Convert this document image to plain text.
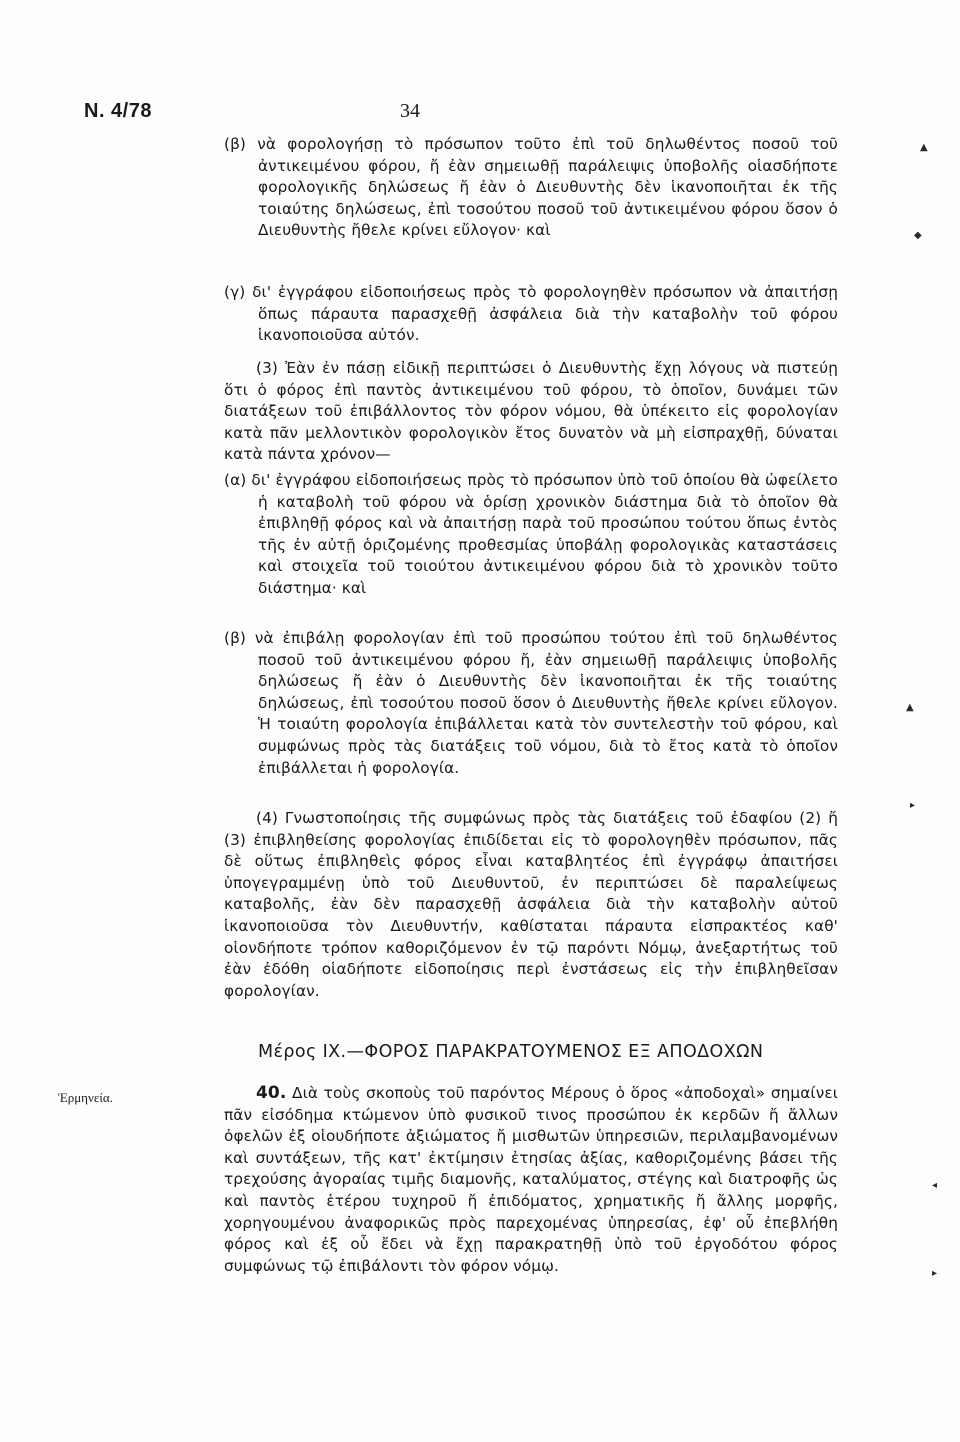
Ν. 4/78	34

(β) νὰ φορολογήσῃ τὸ πρόσωπον τοῦτο ἐπὶ τοῦ δηλωθέντος ποσοῦ τοῦ ἀντικειμένου φόρου, ἤ ἐὰν σημειωθῇ παράλειψις ὑποβολῆς οἱασδήποτε φορολογικῆς δηλώσεως ἤ ἐὰν ὁ Διευθυντὴς δὲν ἱκανοποιῆται ἐκ τῆς τοιαύτης δηλώσεως, ἐπὶ τοσούτου ποσοῦ τοῦ ἀντικειμένου φόρου ὅσον ὁ Διευθυντὴς ἤθελε κρίνει εὔλογον· καὶ

(γ) δι' ἐγγράφου εἰδοποιήσεως πρὸς τὸ φορολογηθὲν πρόσωπον νὰ ἀπαιτήσῃ ὅπως πάραυτα παρασχεθῇ ἀσφάλεια διὰ τὴν καταβολὴν τοῦ φόρου ἱκανοποιοῦσα αὐτόν.

(3) Ἐὰν ἐν πάσῃ εἰδικῇ περιπτώσει ὁ Διευθυντὴς ἔχῃ λόγους νὰ πιστεύῃ ὅτι ὁ φόρος ἐπὶ παντὸς ἀντικειμένου τοῦ φόρου, τὸ ὁποῖον, δυνάμει τῶν διατάξεων τοῦ ἐπιβάλλοντος τὸν φόρον νόμου, θὰ ὑπέκειτο εἰς φορολογίαν κατὰ πᾶν μελλοντικὸν φορολογικὸν ἔτος δυνατὸν νὰ μὴ εἰσπραχθῇ, δύναται κατὰ πάντα χρόνον—

(α) δι' ἐγγράφου εἰδοποιήσεως πρὸς τὸ πρόσωπον ὑπὸ τοῦ ὁποίου θὰ ὠφείλετο ἡ καταβολὴ τοῦ φόρου νὰ ὁρίσῃ χρονικὸν διάστημα διὰ τὸ ὁποῖον θὰ ἐπιβληθῇ φόρος καὶ νὰ ἀπαιτήσῃ παρὰ τοῦ προσώπου τούτου ὅπως ἐντὸς τῆς ἐν αὐτῇ ὁριζομένης προθεσμίας ὑποβάλῃ φορολογικὰς καταστάσεις καὶ στοιχεῖα τοῦ τοιούτου ἀντικειμένου φόρου διὰ τὸ χρονικὸν τοῦτο διάστημα· καὶ

(β) νὰ ἐπιβάλῃ φορολογίαν ἐπὶ τοῦ προσώπου τούτου ἐπὶ τοῦ δηλωθέντος ποσοῦ τοῦ ἀντικειμένου φόρου ἤ, ἐὰν σημειωθῇ παράλειψις ὑποβολῆς δηλώσεως ἤ ἐὰν ὁ Διευθυντὴς δὲν ἱκανοποιῆται ἐκ τῆς τοιαύτης δηλώσεως, ἐπὶ τοσούτου ποσοῦ ὅσον ὁ Διευθυντὴς ἤθελε κρίνει εὔλογον. Ἡ τοιαύτη φορολογία ἐπιβάλλεται κατὰ τὸν συντελεστὴν τοῦ φόρου, καὶ συμφώνως πρὸς τὰς διατάξεις τοῦ νόμου, διὰ τὸ ἔτος κατὰ τὸ ὁποῖον ἐπιβάλλεται ἡ φορολογία.

(4) Γνωστοποίησις τῆς συμφώνως πρὸς τὰς διατάξεις τοῦ ἐδαφίου (2) ἤ (3) ἐπιβληθείσης φορολογίας ἐπιδίδεται εἰς τὸ φορολογηθὲν πρόσωπον, πᾶς δὲ οὕτως ἐπιβληθεὶς φόρος εἶναι καταβλητέος ἐπὶ ἐγγράφῳ ἀπαιτήσει ὑπογεγραμμένῃ ὑπὸ τοῦ Διευθυντοῦ, ἐν περιπτώσει δὲ παραλείψεως καταβολῆς, ἐὰν δὲν παρασχεθῇ ἀσφάλεια διὰ τὴν καταβολὴν αὐτοῦ ἱκανοποιοῦσα τὸν Διευθυντήν, καθίσταται πάραυτα εἰσπρακτέος καθ' οἱονδήποτε τρόπον καθοριζόμενον ἐν τῷ παρόντι Νόμῳ, ἀνεξαρτήτως τοῦ ἐὰν ἐδόθη οἱαδήποτε εἰδοποίησις περὶ ἐνστάσεως εἰς τὴν ἐπιβληθεῖσαν φορολογίαν.

Μέρος IX.—ΦΟΡΟΣ ΠΑΡΑΚΡΑΤΟΥΜΕΝΟΣ ΕΞ ΑΠΟΔΟΧΩΝ
Ἑρμηνεία.	40. Διὰ τοὺς σκοποὺς τοῦ παρόντος Μέρους ὁ ὅρος «ἀποδοχαὶ» σημαίνει πᾶν εἰσόδημα κτώμενον ὑπὸ φυσικοῦ τινος προσώπου ἐκ κερδῶν ἤ ἄλλων ὀφελῶν ἐξ οἱουδήποτε ἀξιώματος ἤ μισθωτῶν ὑπηρεσιῶν, περιλαμβανομένων καὶ συντάξεων, τῆς κατ' ἐκτίμησιν ἐτησίας ἀξίας, καθοριζομένης βάσει τῆς τρεχούσης ἀγοραίας τιμῆς διαμονῆς, καταλύματος, στέγης καὶ διατροφῆς ὡς καὶ παντὸς ἑτέρου τυχηροῦ ἤ ἐπιδόματος, χρηματικῆς ἤ ἄλλης μορφῆς, χορηγουμένου ἀναφορικῶς πρὸς παρεχομένας ὑπηρεσίας, ἐφ' οὗ ἐπεβλήθη φόρος καὶ ἐξ οὗ ἔδει νὰ ἔχῃ παρακρατηθῇ ὑπὸ τοῦ ἐργοδότου φόρος συμφώνως τῷ ἐπιβάλοντι τὸν φόρον νόμῳ.

▲
◆
▲
▸
◂
▸
